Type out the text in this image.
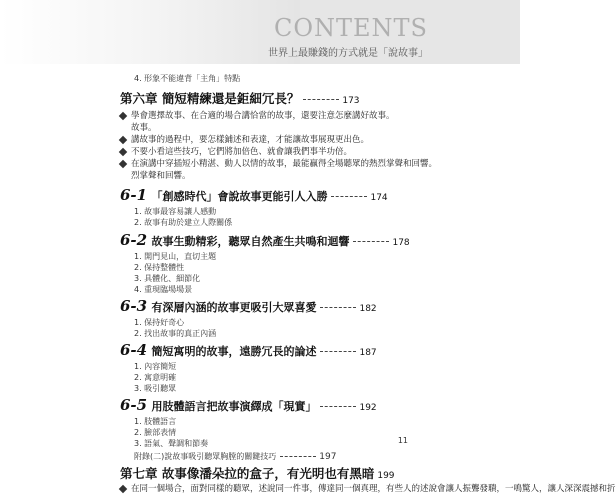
CONTENTS
世界上最賺錢的方式就是「說故事」
4. 形象不能違背「主角」特點
第六章 簡短精練還是鉅細冗長？	173
學會選擇故事、在合適的場合講恰當的故事，還要注意怎麼講好故事。
故事。
講故事的過程中，要怎樣鋪述和表達，才能讓故事展現更出色。
不要小看這些技巧，它們將加倍色、就會讓我們事半功倍。
在演講中穿插短小精湛、動人以情的故事，最能贏得全場聽眾的熱烈掌聲和回響。
烈掌聲和回響。
6-1 「創感時代」會說故事更能引人入勝	174
1. 故事最容易讓人感動
2. 故事有助於建立人際關係
6-2 故事生動精彩，聽眾自然產生共鳴和迴響	178
1. 開門見山，直切主題
2. 保持整體性
3. 具體化、細節化
4. 重現臨場場景
6-3 有深層內涵的故事更吸引大眾喜愛	182
1. 保持好奇心
2. 找出故事的真正內涵
6-4 簡短寓明的故事，遠勝冗長的論述	187
1. 內容簡短
2. 寓意明確
3. 吸引聽眾
6-5 用肢體語言把故事演繹成「現實」	192
1. 肢體語言
2. 臉部表情
3. 語氣、聲調和節奏
附錄(二)說故事吸引聽眾胸膛的關鍵技巧	197
第七章 故事像潘朵拉的盒子，有光明也有黑暗 199
在同一個場合，面對同樣的聽眾，述說同一件事，傳達同一個真理，有些人的述說會讓人振聾發聵，一鳴驚人，讓人深深震撼和折
11
